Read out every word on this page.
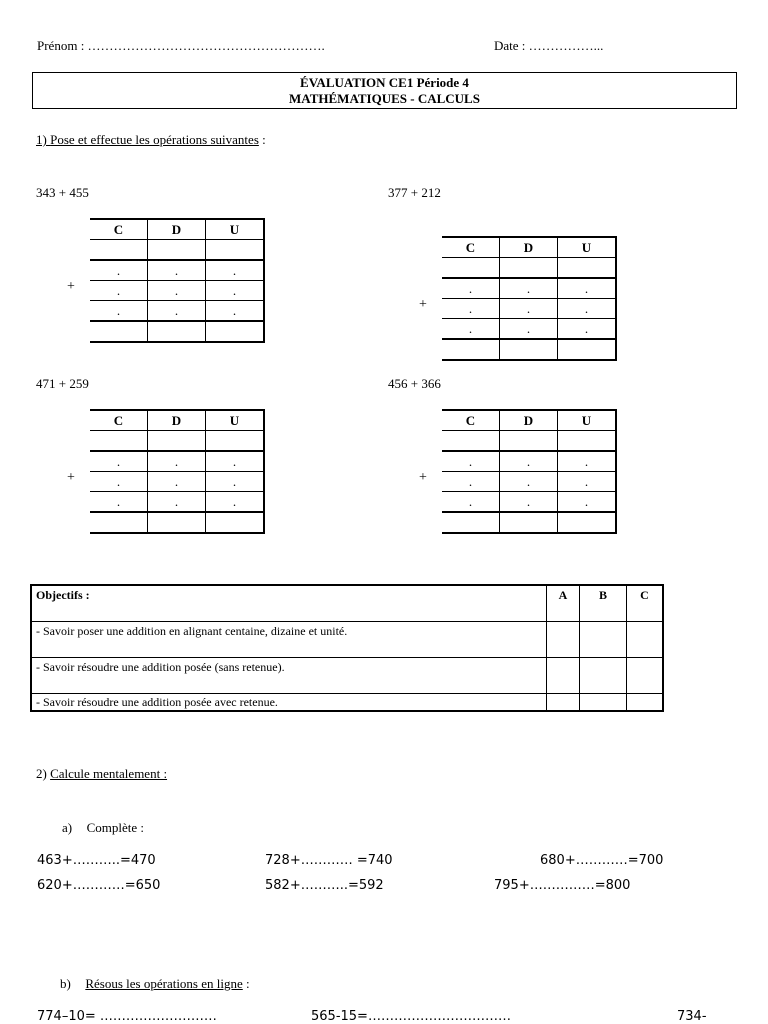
Prénom : ……………………………………………….	Date : ……………...
ÉVALUATION CE1 Période 4
MATHÉMATIQUES - CALCULS
1) Pose et effectue les opérations suivantes :
343 + 455	377 + 212
471 + 259	456 + 366
C	D	U

.	.	.
.	.	.
.	.	.

+
C	D	U

.	.	.
.	.	.
.	.	.

+
C	D	U

.	.	.
.	.	.
.	.	.

+
C	D	U

.	.	.
.	.	.
.	.	.

+
Objectifs :	A	B	C
- Savoir poser une addition en alignant centaine, dizaine et unité.			
- Savoir résoudre une addition posée (sans retenue).			
- Savoir résoudre une addition posée avec retenue.			
2) Calcule mentalement :
a) Complète :
463+………..=470	728+………… =740	680+…………=700
620+…………=650	582+………..=592	795+……………=800
b) Résous les opérations en ligne :
774–10= ………………………	565-15=……………………………	734-
